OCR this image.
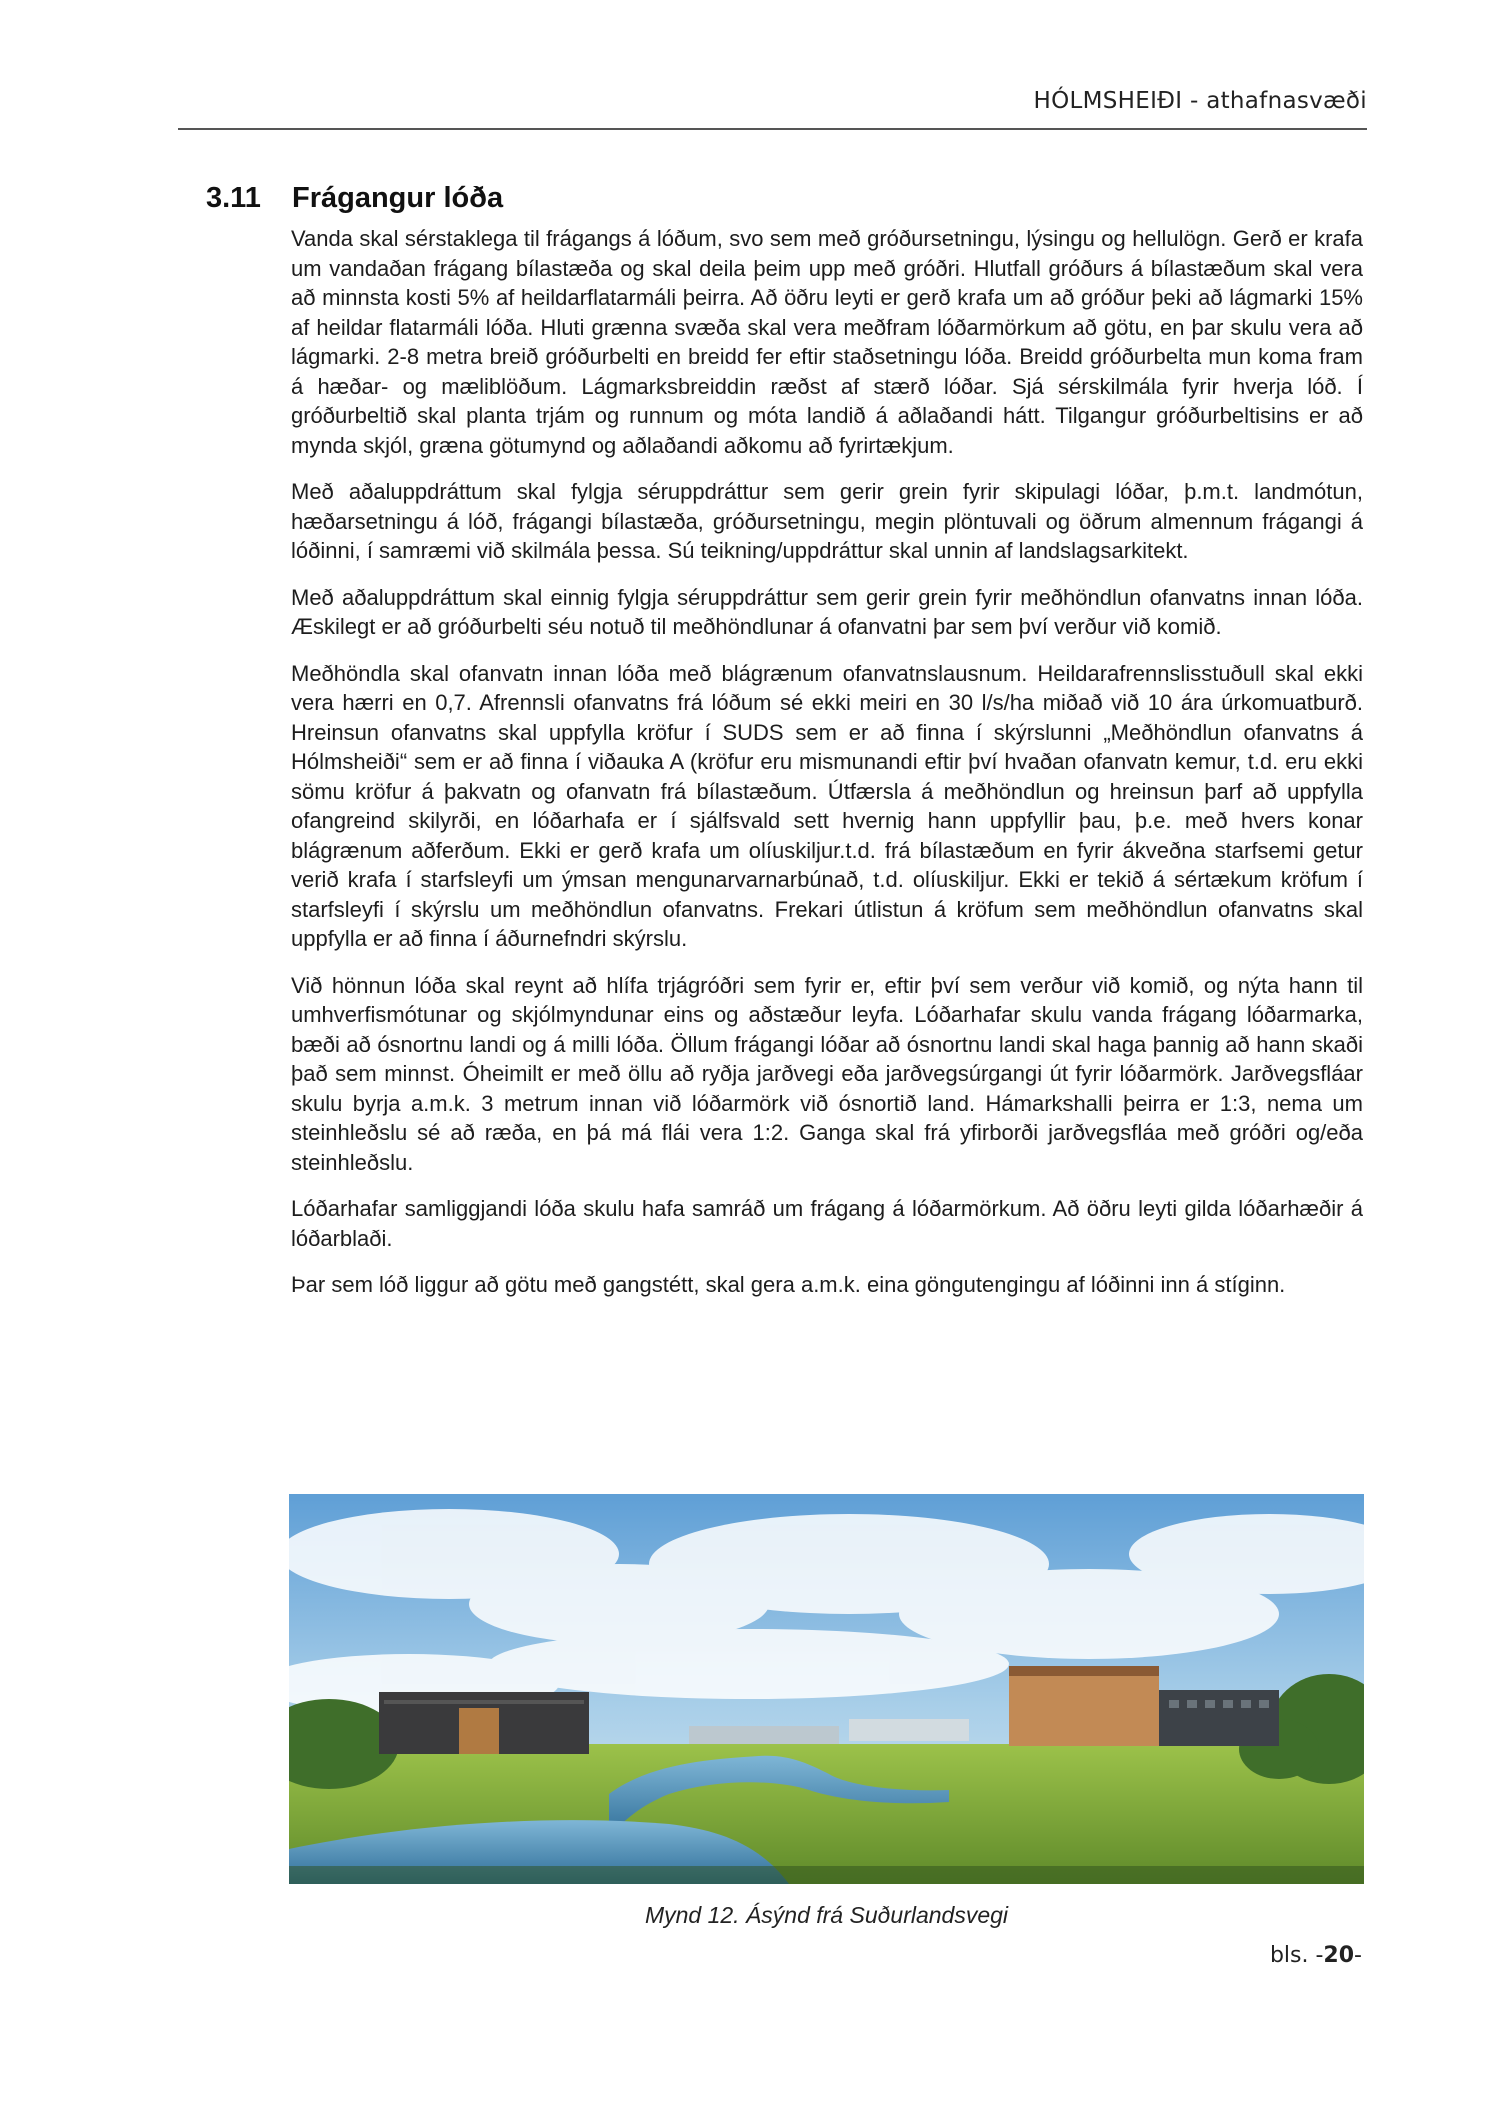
HÓLMSHEIÐI - athafnasvæði
3.11 Frágangur lóða

Vanda skal sérstaklega til frágangs á lóðum, svo sem með gróðursetningu, lýsingu og hellulögn. Gerð er krafa um vandaðan frágang bílastæða og skal deila þeim upp með gróðri. Hlutfall gróðurs á bílastæðum skal vera að minnsta kosti 5% af heildarflatarmáli þeirra. Að öðru leyti er gerð krafa um að gróður þeki að lágmarki 15% af heildar flatarmáli lóða. Hluti grænna svæða skal vera meðfram lóðarmörkum að götu, en þar skulu vera að lágmarki. 2-8 metra breið gróðurbelti en breidd fer eftir staðsetningu lóða. Breidd gróðurbelta mun koma fram á hæðar- og mæliblöðum. Lágmarksbreiddin ræðst af stærð lóðar. Sjá sérskilmála fyrir hverja lóð. Í gróðurbeltið skal planta trjám og runnum og móta landið á aðlaðandi hátt. Tilgangur gróðurbeltisins er að mynda skjól, græna götumynd og aðlaðandi aðkomu að fyrirtækjum.

Með aðaluppdráttum skal fylgja séruppdráttur sem gerir grein fyrir skipulagi lóðar, þ.m.t. landmótun, hæðarsetningu á lóð, frágangi bílastæða, gróðursetningu, megin plöntuvali og öðrum almennum frágangi á lóðinni, í samræmi við skilmála þessa. Sú teikning/uppdráttur skal unnin af landslagsarkitekt.

Með aðaluppdráttum skal einnig fylgja séruppdráttur sem gerir grein fyrir meðhöndlun ofanvatns innan lóða. Æskilegt er að gróðurbelti séu notuð til meðhöndlunar á ofanvatni þar sem því verður við komið.

Meðhöndla skal ofanvatn innan lóða með blágrænum ofanvatnslausnum. Heildarafrennslisstuðull skal ekki vera hærri en 0,7. Afrennsli ofanvatns frá lóðum sé ekki meiri en 30 l/s/ha miðað við 10 ára úrkomuatburð. Hreinsun ofanvatns skal uppfylla kröfur í SUDS sem er að finna í skýrslunni „Meðhöndlun ofanvatns á Hólmsheiði“ sem er að finna í viðauka A (kröfur eru mismunandi eftir því hvaðan ofanvatn kemur, t.d. eru ekki sömu kröfur á þakvatn og ofanvatn frá bílastæðum. Útfærsla á meðhöndlun og hreinsun þarf að uppfylla ofangreind skilyrði, en lóðarhafa er í sjálfsvald sett hvernig hann uppfyllir þau, þ.e. með hvers konar blágrænum aðferðum. Ekki er gerð krafa um olíuskiljur.t.d. frá bílastæðum en fyrir ákveðna starfsemi getur verið krafa í starfsleyfi um ýmsan mengunarvarnarbúnað, t.d. olíuskiljur. Ekki er tekið á sértækum kröfum í starfsleyfi í skýrslu um meðhöndlun ofanvatns. Frekari útlistun á kröfum sem meðhöndlun ofanvatns skal uppfylla er að finna í áðurnefndri skýrslu.

Við hönnun lóða skal reynt að hlífa trjágróðri sem fyrir er, eftir því sem verður við komið, og nýta hann til umhverfismótunar og skjólmyndunar eins og aðstæður leyfa. Lóðarhafar skulu vanda frágang lóðarmarka, bæði að ósnortnu landi og á milli lóða. Öllum frágangi lóðar að ósnortnu landi skal haga þannig að hann skaði það sem minnst. Óheimilt er með öllu að ryðja jarðvegi eða jarðvegsúrgangi út fyrir lóðarmörk. Jarðvegsfláar skulu byrja a.m.k. 3 metrum innan við lóðarmörk við ósnortið land. Hámarkshalli þeirra er 1:3, nema um steinhleðslu sé að ræða, en þá má flái vera 1:2. Ganga skal frá yfirborði jarðvegsfláa með gróðri og/eða steinhleðslu.

Lóðarhafar samliggjandi lóða skulu hafa samráð um frágang á lóðarmörkum. Að öðru leyti gilda lóðarhæðir á lóðarblaði.

Þar sem lóð liggur að götu með gangstétt, skal gera a.m.k. eina göngutengingu af lóðinni inn á stíginn.

Mynd 12. Ásýnd frá Suðurlandsvegi
bls. -20-
